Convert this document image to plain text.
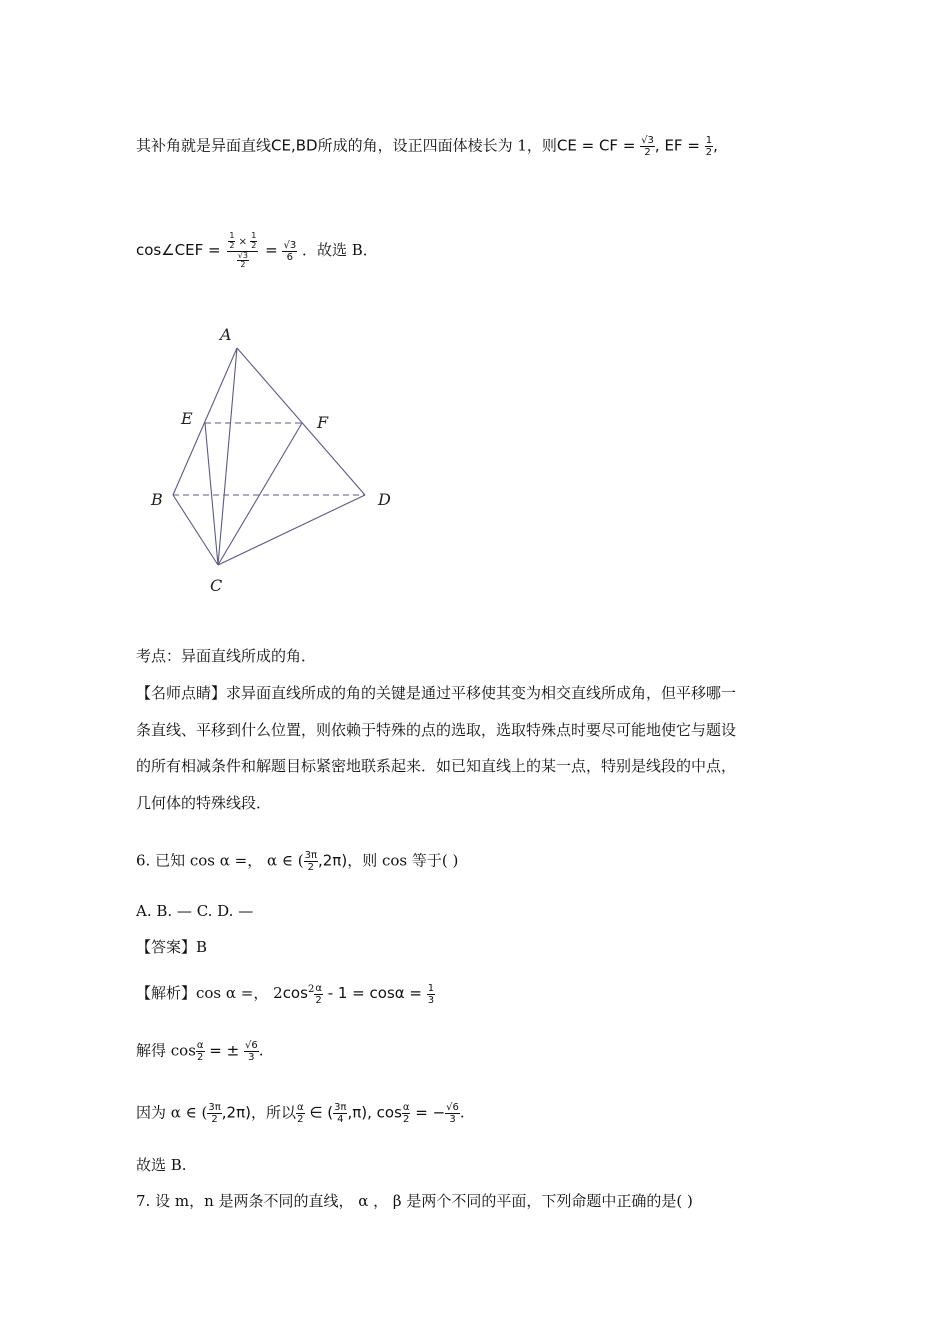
其补角就是异面直线CE,BD所成的角，设正四面体棱长为 1，则CE = CF = $\frac{√3}{2}$ , EF = $\frac{1}{2}$ ,
cos∠CEF = $\frac{\frac{1}{2} \times \frac{1}{2}}{\frac{√3}{2}} = \frac{√3}{6}$ ．故选 B．
A
E	F
B	D
C
考点：异面直线所成的角．
【名师点睛】求异面直线所成的角的关键是通过平移使其变为相交直线所成角，但平移哪一
条直线、平移到什么位置，则依赖于特殊的点的选取，选取特殊点时要尽可能地使它与题设
的所有相减条件和解题目标紧密地联系起来．如已知直线上的某一点，特别是线段的中点，
几何体的特殊线段．
6. 已知 cos α =， α ∈ ( $\frac{3\pi}{2} ,2\pi$)，则 cos 等于( )
A. B. — C. D. —
【答案】B
【解析】cos α =， $2\cos^2 \frac{\alpha}{2} - 1 = \cos\alpha = \frac{1}{3}$
解得 $\cos \frac{\alpha}{2}$ = ± $\frac{√6}{3}$ .
因为 α ∈ ( $\frac{3\pi}{2} ,2\pi$)，所以 $\frac{\alpha}{2}$ ∈ ( $\frac{3\pi}{4} ,\pi$), $\cos \frac{\alpha}{2}$ = − $\frac{√6}{3}$ .
故选 B.
7. 设 m，n 是两条不同的直线， α ， β 是两个不同的平面，下列命题中正确的是( )
